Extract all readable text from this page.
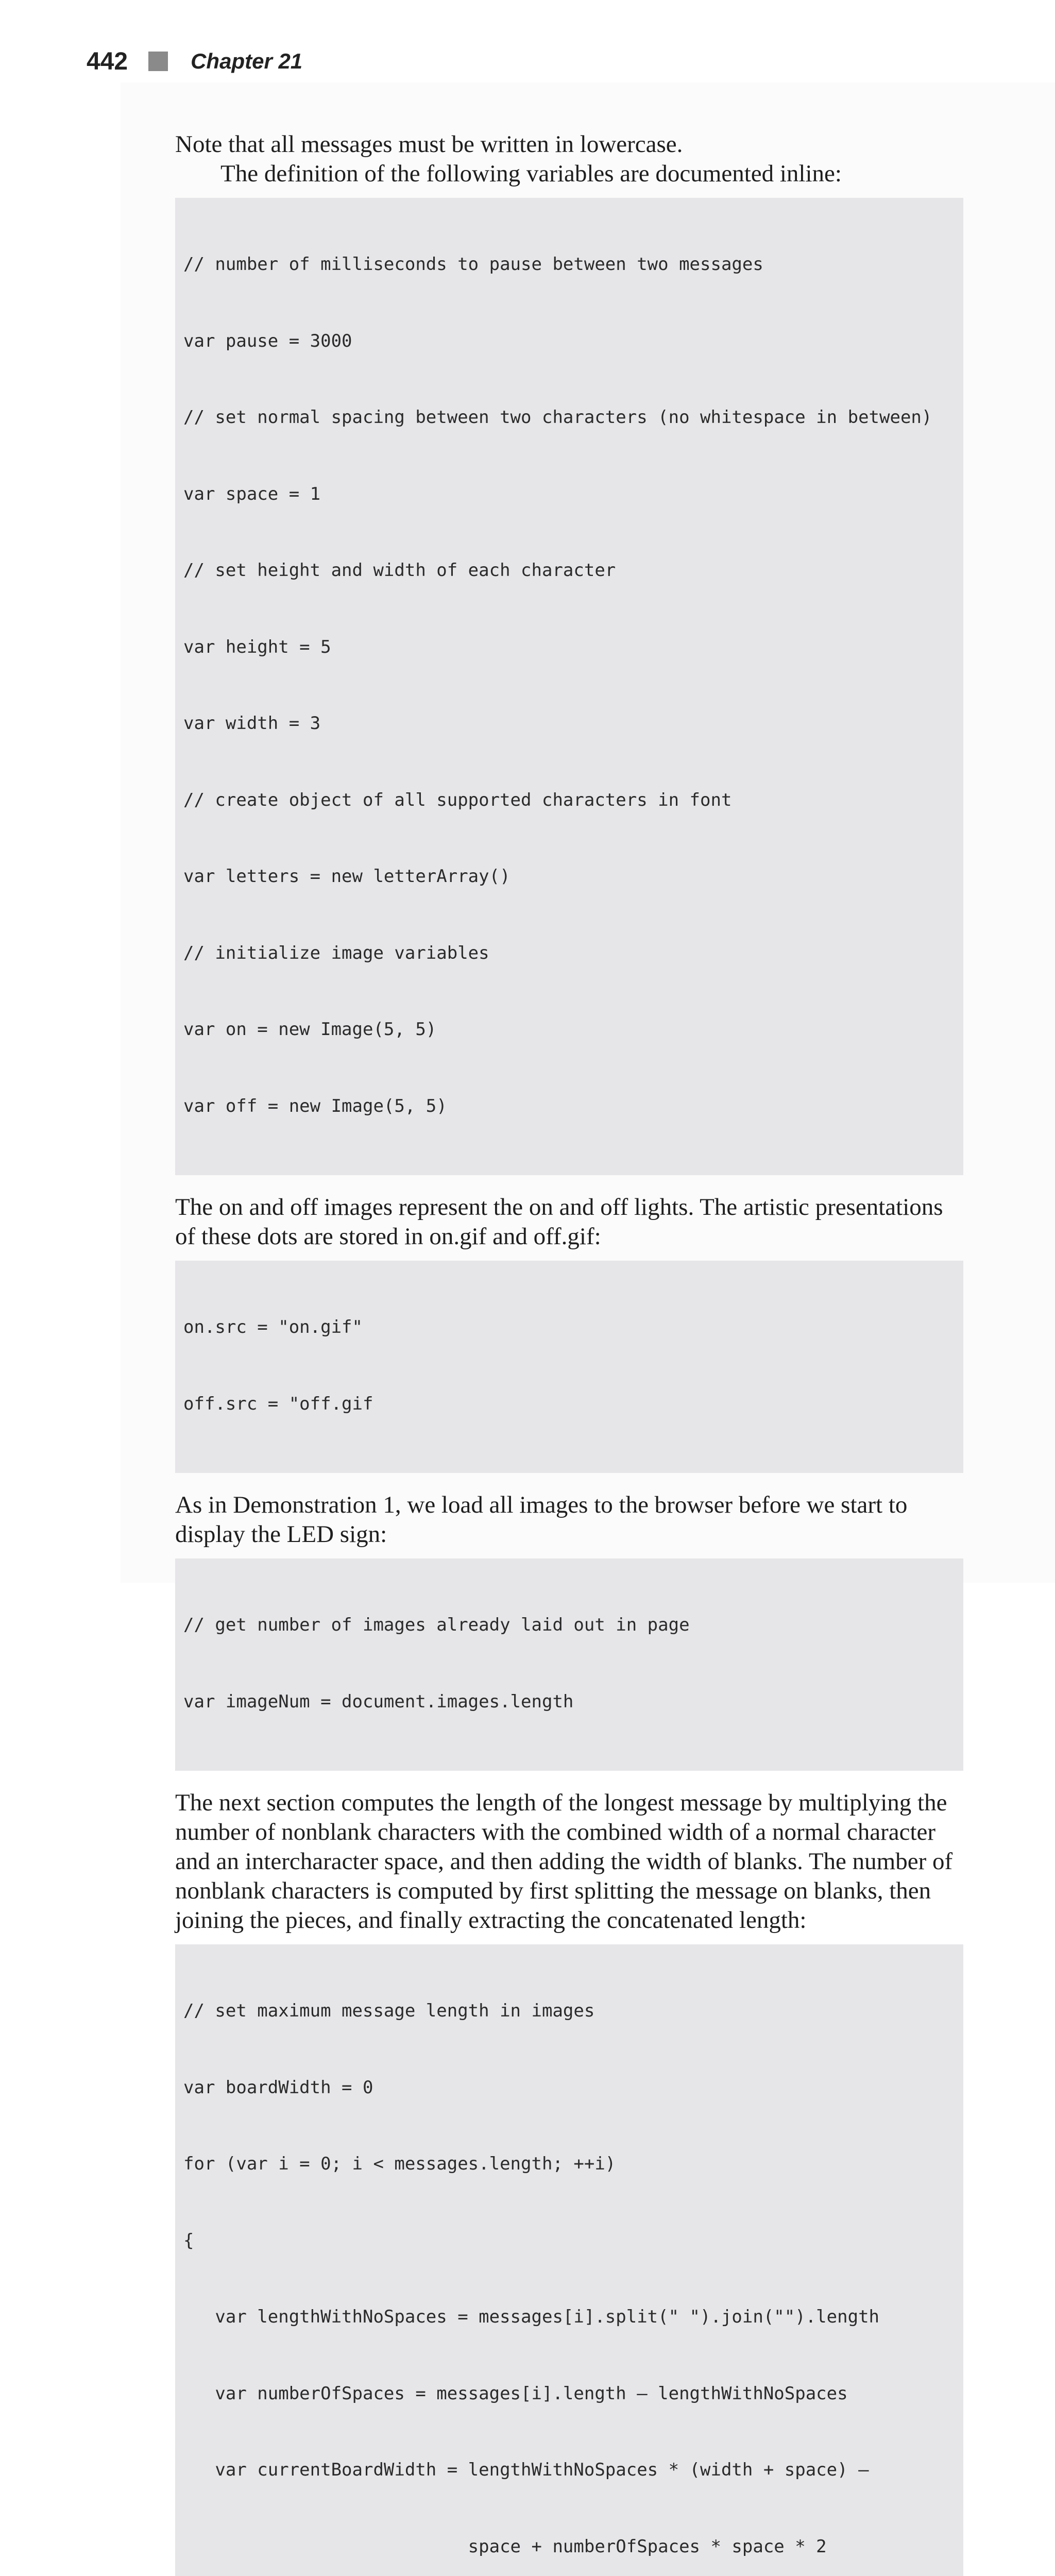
442	Chapter 21

Note that all messages must be written in lowercase.

The definition of the following variables are documented inline:

// number of milliseconds to pause between two messages

var pause = 3000

// set normal spacing between two characters (no whitespace in between)

var space = 1

// set height and width of each character

var height = 5

var width = 3

// create object of all supported characters in font

var letters = new letterArray()

// initialize image variables

var on = new Image(5, 5)

var off = new Image(5, 5)

The on and off images represent the on and off lights. The artistic presentations of these dots are stored in on.gif and off.gif:

on.src = "on.gif"

off.src = "off.gif

As in Demonstration 1, we load all images to the browser before we start to display the LED sign:

// get number of images already laid out in page

var imageNum = document.images.length

The next section computes the length of the longest message by multiplying the number of nonblank characters with the combined width of a normal character and an intercharacter space, and then adding the width of blanks. The number of nonblank characters is computed by first splitting the message on blanks, then joining the pieces, and finally extracting the concatenated length:

// set maximum message length in images

var boardWidth = 0

for (var i = 0; i < messages.length; ++i)

{

var lengthWithNoSpaces = messages[i].split(" ").join("").length

var numberOfSpaces = messages[i].length – lengthWithNoSpaces

var currentBoardWidth = lengthWithNoSpaces * (width + space) –

space + numberOfSpaces * space * 2
